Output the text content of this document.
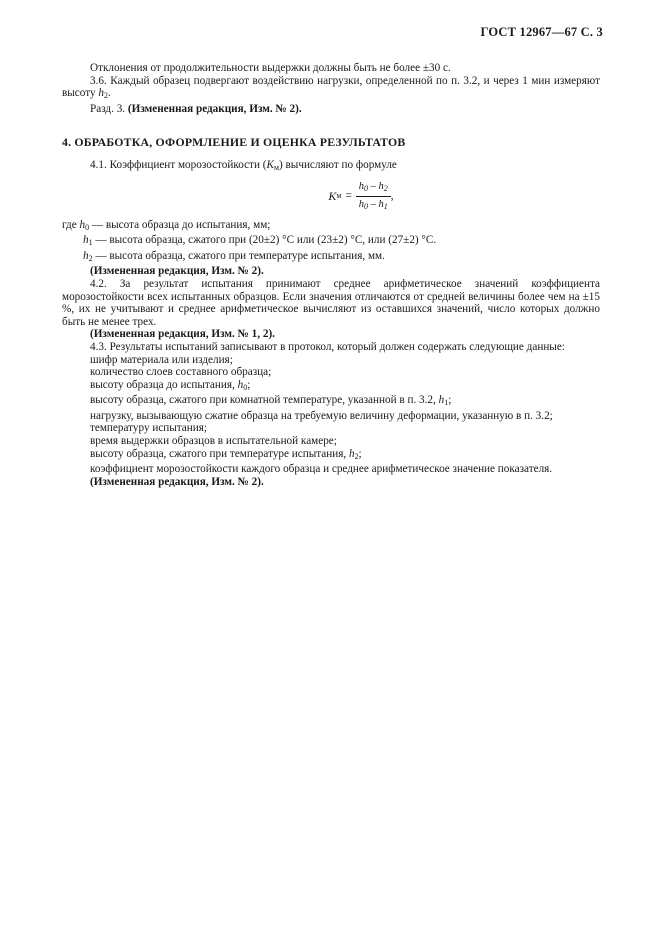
ГОСТ 12967—67 С. 3

Отклонения от продолжительности выдержки должны быть не более ±30 с.

3.6. Каждый образец подвергают воздействию нагрузки, определенной по п. 3.2, и через 1 мин измеряют высоту $h_2$.

Разд. 3. (Измененная редакция, Изм. № 2).

4. ОБРАБОТКА, ОФОРМЛЕНИЕ И ОЦЕНКА РЕЗУЛЬТАТОВ

4.1. Коэффициент морозостойкости $(K_м)$ вычисляют по формуле

K $м = \frac{h_0 - h_2}{h_0 - h_1}$ ,

где $h_0$ — высота образца до испытания, мм;

$h_1$ — высота образца, сжатого при (20±2) °С или (23±2) °С, или (27±2) °С.

$h_2$ — высота образца, сжатого при температуре испытания, мм.

(Измененная редакция, Изм. № 2).

4.2. За результат испытания принимают среднее арифметическое значений коэффициента морозостойкости всех испытанных образцов. Если значения отличаются от средней величины более чем на ±15 %, их не учитывают и среднее арифметическое вычисляют из оставшихся значений, число которых должно быть не менее трех.

(Измененная редакция, Изм. № 1, 2).

4.3. Результаты испытаний записывают в протокол, который должен содержать следующие данные:

шифр материала или изделия;

количество слоев составного образца;

высоту образца до испытания, $h_0$;

высоту образца, сжатого при комнатной температуре, указанной в п. 3.2, $h_1$;

нагрузку, вызывающую сжатие образца на требуемую величину деформации, указанную в п. 3.2;

температуру испытания;

время выдержки образцов в испытательной камере;

высоту образца, сжатого при температуре испытания, $h_2$;

коэффициент морозостойкости каждого образца и среднее арифметическое значение показателя.

(Измененная редакция, Изм. № 2).
